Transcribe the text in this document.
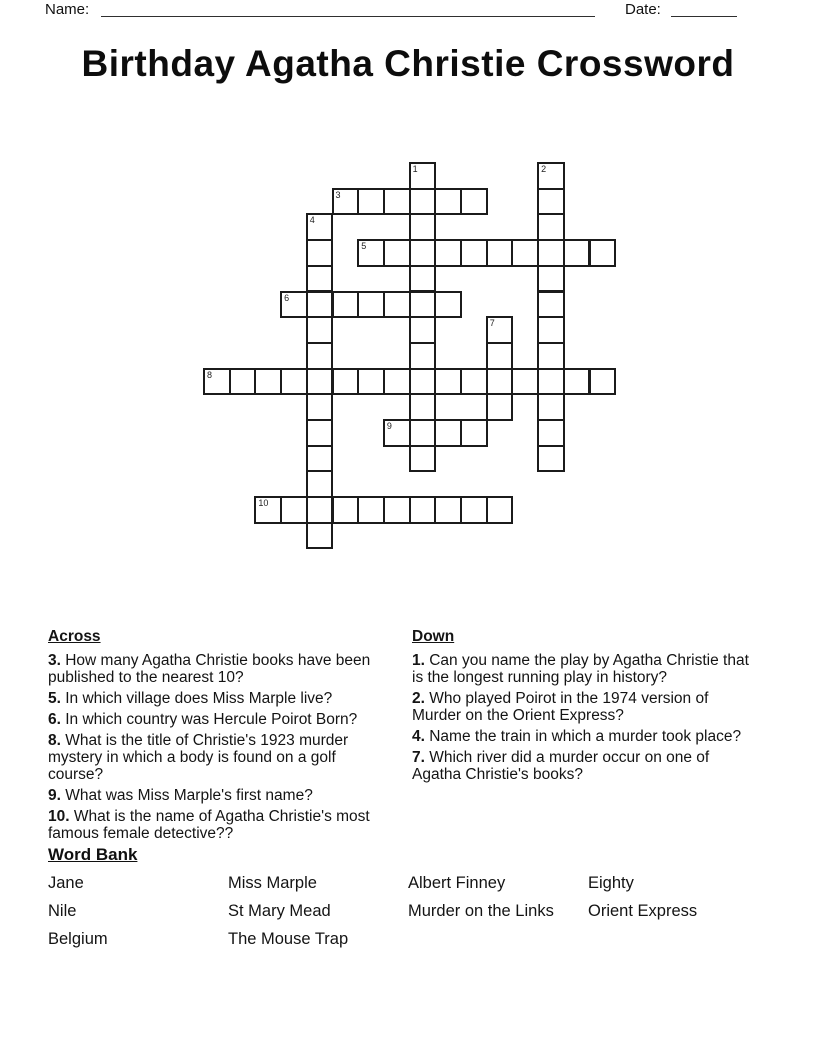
Name:	Date:
Birthday Agatha Christie Crossword
1	2
3
4
5
6
7
8
9
10
Across
3. How many Agatha Christie books have been published to the nearest 10?
5. In which village does Miss Marple live?
6. In which country was Hercule Poirot Born?
8. What is the title of Christie's 1923 murder mystery in which a body is found on a golf course?
9. What was Miss Marple's first name?
10. What is the name of Agatha Christie's most famous female detective??
Down
1. Can you name the play by Agatha Christie that is the longest running play in history?
2. Who played Poirot in the 1974 version of Murder on the Orient Express?
4. Name the train in which a murder took place?
7. Which river did a murder occur on one of Agatha Christie's books?
Word Bank
Jane	Miss Marple	Albert Finney	Eighty
Nile	St Mary Mead	Murder on the Links	Orient Express
Belgium	The Mouse Trap
